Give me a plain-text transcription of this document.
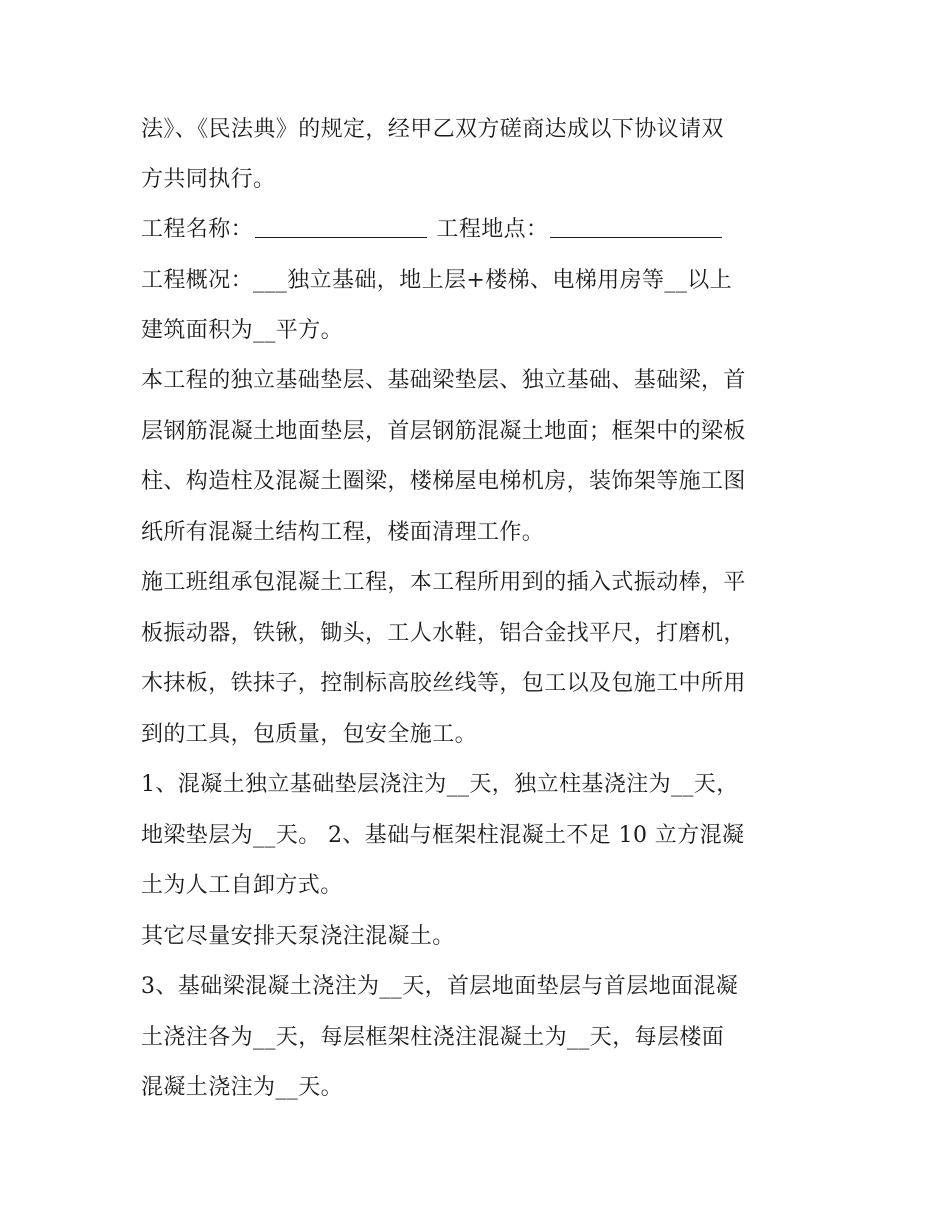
法》、《民法典》的规定，经甲乙双方磋商达成以下协议请双
方共同执行。
工程名称：	工程地点：
工程概况：___独立基础，地上层+楼梯、电梯用房等__以上
建筑面积为__平方。
本工程的独立基础垫层、基础梁垫层、独立基础、基础梁，首
层钢筋混凝土地面垫层，首层钢筋混凝土地面；框架中的梁板
柱、构造柱及混凝土圈梁，楼梯屋电梯机房，装饰架等施工图
纸所有混凝土结构工程，楼面清理工作。
施工班组承包混凝土工程，本工程所用到的插入式振动棒，平
板振动器，铁锹，锄头，工人水鞋，铝合金找平尺，打磨机，
木抹板，铁抹子，控制标高胶丝线等，包工以及包施工中所用
到的工具，包质量，包安全施工。
1、混凝土独立基础垫层浇注为__天，独立柱基浇注为__天，
地梁垫层为__天。 2、基础与框架柱混凝土不足 10 立方混凝
土为人工自卸方式。
其它尽量安排天泵浇注混凝土。
3、基础梁混凝土浇注为__天，首层地面垫层与首层地面混凝
土浇注各为__天，每层框架柱浇注混凝土为__天，每层楼面
混凝土浇注为__天。
